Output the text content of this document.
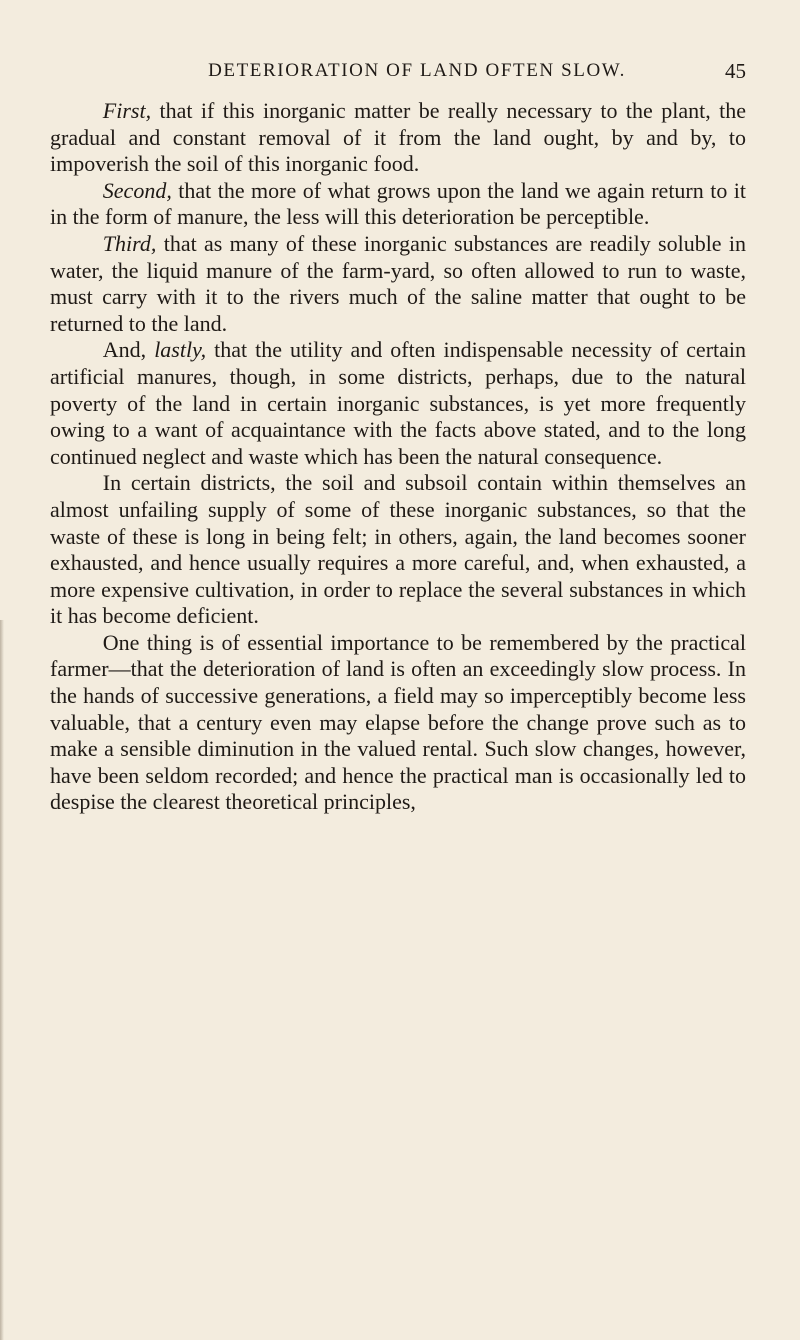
DETERIORATION OF LAND OFTEN SLOW.	45

First, that if this inorganic matter be really necessary to the plant, the gradual and constant removal of it from the land ought, by and by, to impoverish the soil of this inorganic food.

Second, that the more of what grows upon the land we again return to it in the form of manure, the less will this deterioration be perceptible.

Third, that as many of these inorganic substances are readily soluble in water, the liquid manure of the farm-yard, so often allowed to run to waste, must carry with it to the rivers much of the saline matter that ought to be returned to the land.

And, lastly, that the utility and often indispensable necessity of certain artificial manures, though, in some districts, perhaps, due to the natural poverty of the land in certain inorganic substances, is yet more frequently owing to a want of acquaintance with the facts above stated, and to the long continued neglect and waste which has been the natural consequence.

In certain districts, the soil and subsoil contain within themselves an almost unfailing supply of some of these inorganic substances, so that the waste of these is long in being felt; in others, again, the land becomes sooner exhausted, and hence usually requires a more careful, and, when exhausted, a more expensive cultivation, in order to replace the several substances in which it has become deficient.

One thing is of essential importance to be remembered by the practical farmer—that the deterioration of land is often an exceedingly slow process. In the hands of successive generations, a field may so imperceptibly become less valuable, that a century even may elapse before the change prove such as to make a sensible diminution in the valued rental. Such slow changes, however, have been seldom recorded; and hence the practical man is occasionally led to despise the clearest theoretical principles,
